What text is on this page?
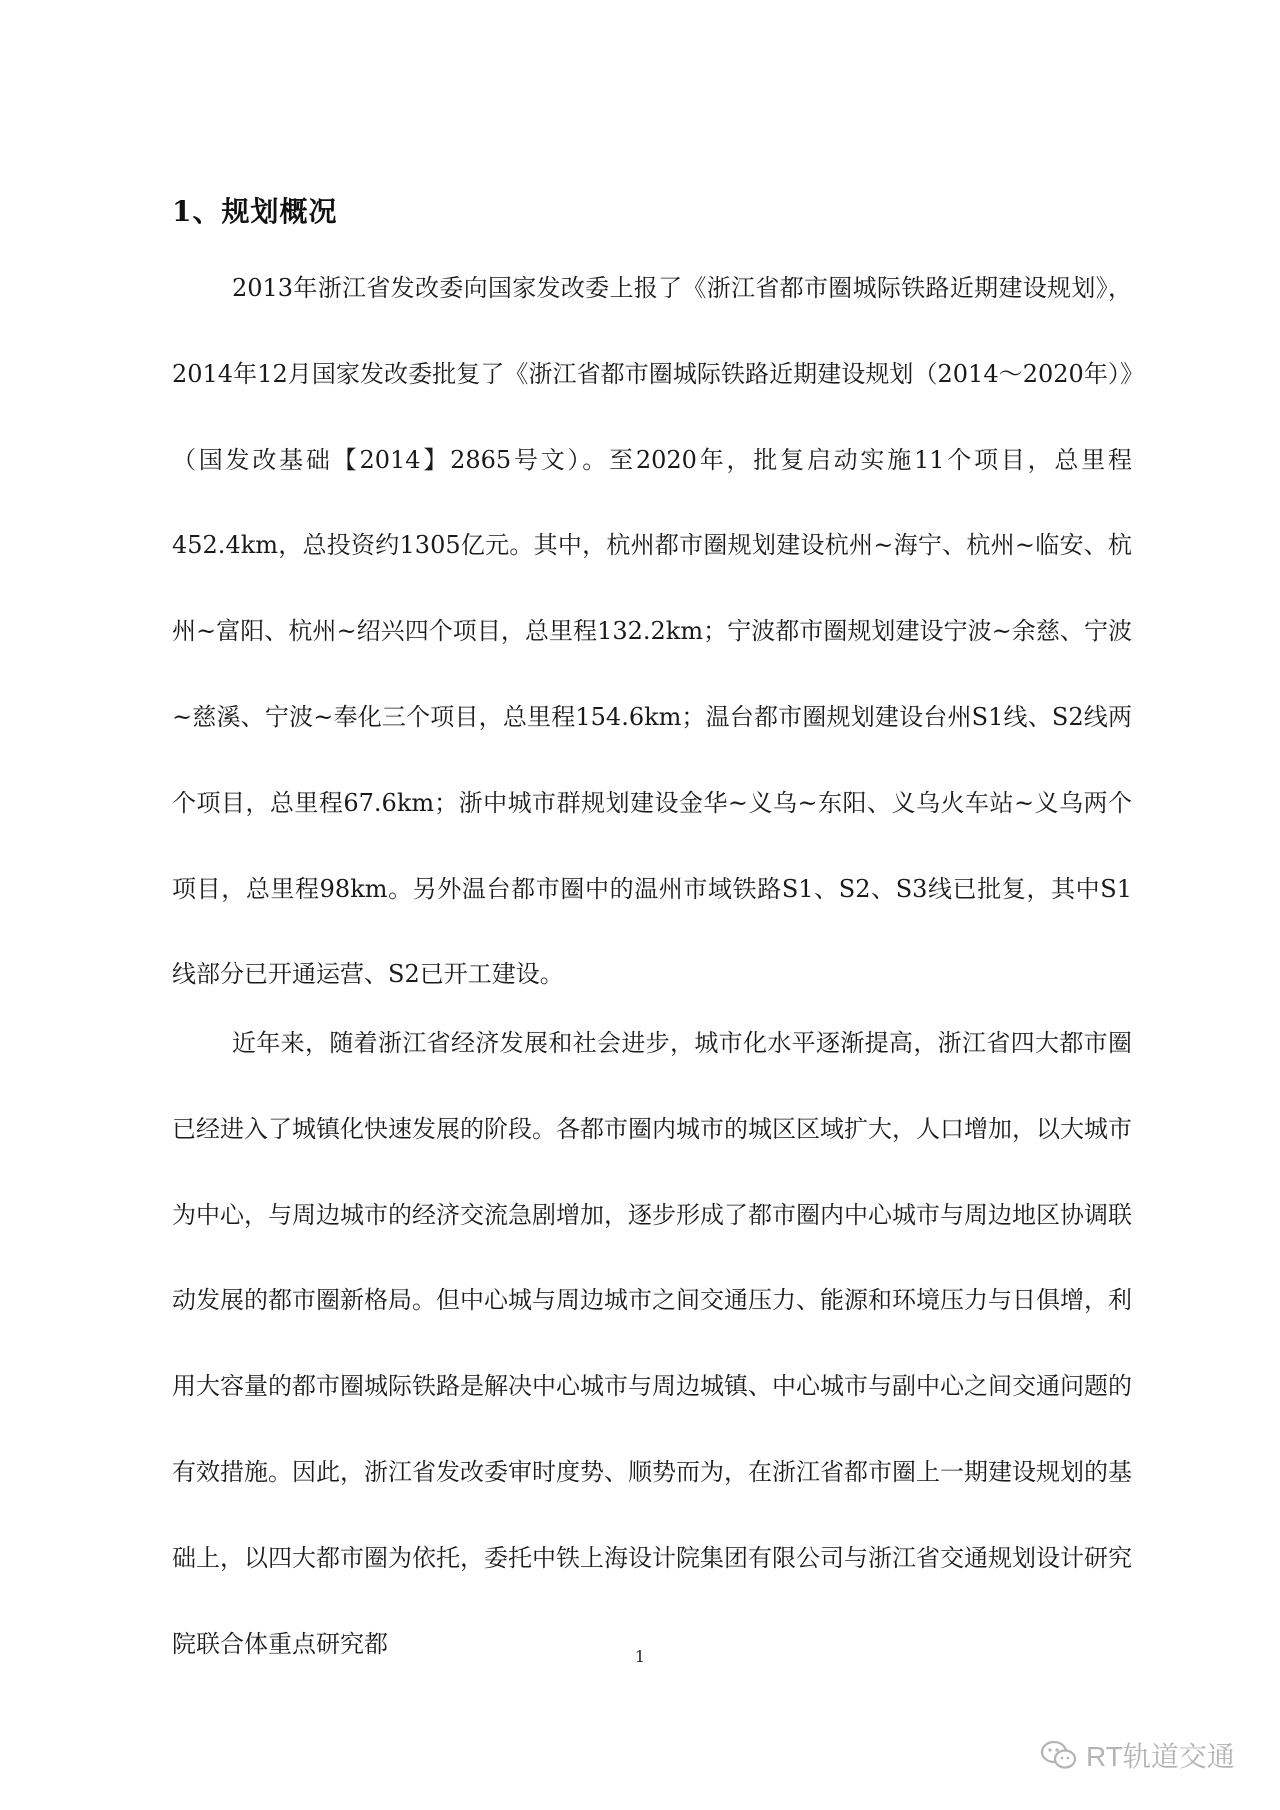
1、规划概况

2013年浙江省发改委向国家发改委上报了《浙江省都市圈城际铁路近期建设规划》，2014年12月国家发改委批复了《浙江省都市圈城际铁路近期建设规划（2014～2020年）》（国发改基础【2014】2865号文）。至2020年，批复启动实施11个项目，总里程452.4km，总投资约1305亿元。其中，杭州都市圈规划建设杭州~海宁、杭州~临安、杭州~富阳、杭州~绍兴四个项目，总里程132.2km；宁波都市圈规划建设宁波~余慈、宁波~慈溪、宁波~奉化三个项目，总里程154.6km；温台都市圈规划建设台州S1线、S2线两个项目，总里程67.6km；浙中城市群规划建设金华~义乌~东阳、义乌火车站~义乌两个项目，总里程98km。另外温台都市圈中的温州市域铁路S1、S2、S3线已批复，其中S1线部分已开通运营、S2已开工建设。

近年来，随着浙江省经济发展和社会进步，城市化水平逐渐提高，浙江省四大都市圈已经进入了城镇化快速发展的阶段。各都市圈内城市的城区区域扩大，人口增加，以大城市为中心，与周边城市的经济交流急剧增加，逐步形成了都市圈内中心城市与周边地区协调联动发展的都市圈新格局。但中心城与周边城市之间交通压力、能源和环境压力与日俱增，利用大容量的都市圈城际铁路是解决中心城市与周边城镇、中心城市与副中心之间交通问题的有效措施。因此，浙江省发改委审时度势、顺势而为，在浙江省都市圈上一期建设规划的基础上，以四大都市圈为依托，委托中铁上海设计院集团有限公司与浙江省交通规划设计研究院联合体重点研究都	1
RT轨道交通
